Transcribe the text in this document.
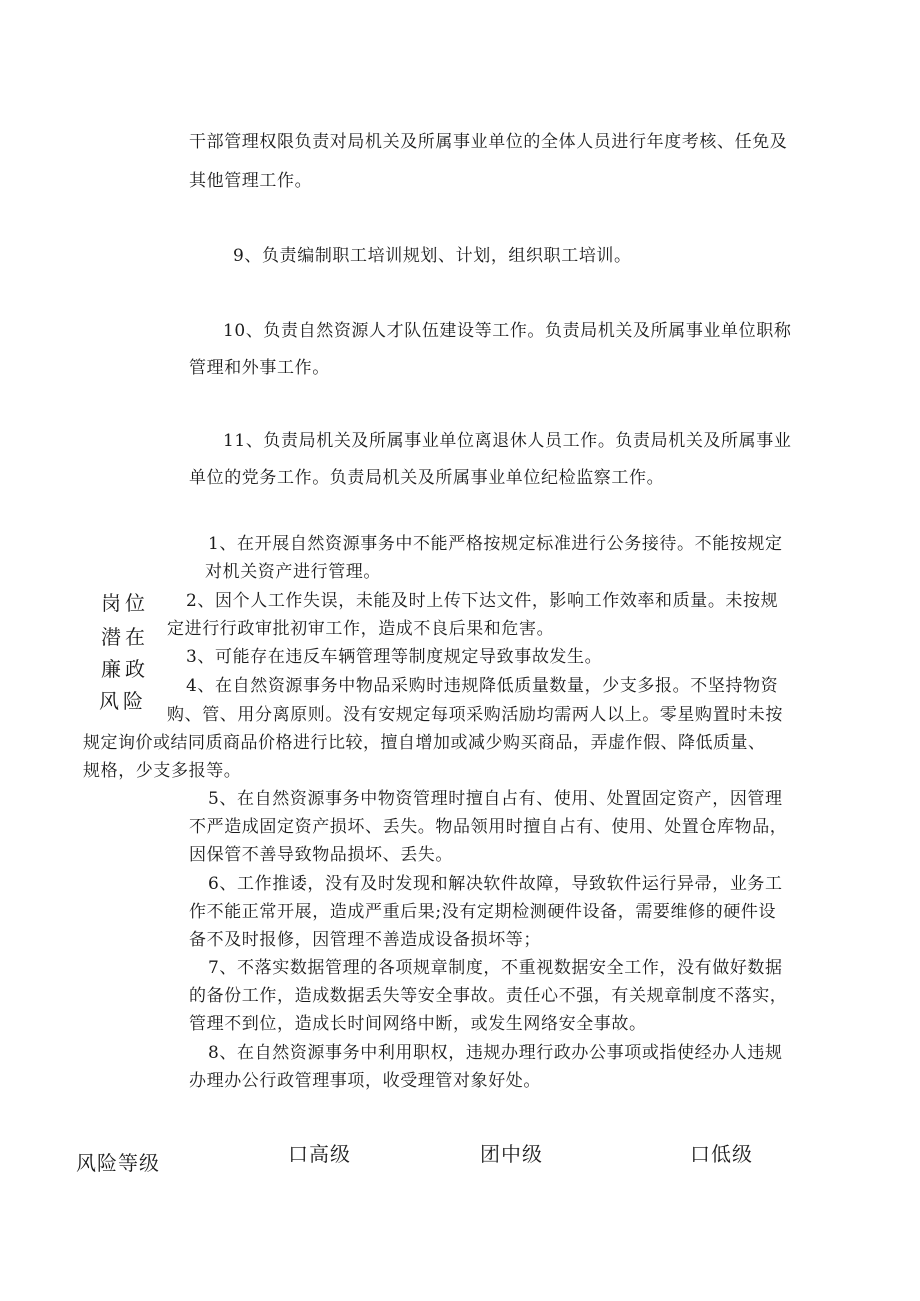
干部管理权限负责对局机关及所属事业单位的全体人员进行年度考核、任免及
其他管理工作。
9、负责编制职工培训规划、计划，组织职工培训。
10、负责自然资源人才队伍建设等工作。负责局机关及所属事业单位职称
管理和外事工作。
11、负责局机关及所属事业单位离退休人员工作。负责局机关及所属事业
单位的党务工作。负责局机关及所属事业单位纪检监察工作。
岗位
潜在
廉政
风险
1、在开展自然资源事务中不能严格按规定标准进行公务接待。不能按规定
对机关资产进行管理。
2、因个人工作失误，未能及时上传下达文件，影响工作效率和质量。未按规
定进行行政审批初审工作，造成不良后果和危害。
3、可能存在违反车辆管理等制度规定导致事故发生。
4、在自然资源事务中物品采购时违规降低质量数量，少支多报。不坚持物资
购、管、用分离原则。没有安规定每项采购活励均需两人以上。零星购置时未按
规定询价或结同质商品价格进行比较，擅自增加或减少购买商品，弄虚作假、降低质量、
规格，少支多报等。
5、在自然资源事务中物资管理时擅自占有、使用、处置固定资产，因管理
不严造成固定资产损坏、丢失。物品领用时擅自占有、使用、处置仓库物品，
因保管不善导致物品损坏、丢失。
6、工作推诿，没有及时发现和解决软件故障，导致软件运行异帚，业务工
作不能正常开展，造成严重后果;没有定期检测硬件设备，需要维修的硬件设
备不及时报修，因管理不善造成设备损坏等；
7、不落实数据管理的各项规章制度，不重视数据安全工作，没有做好数据
的备份工作，造成数据丢失等安全事故。责任心不强，有关规章制度不落实，
管理不到位，造成长时间网络中断，或发生网络安全事故。
8、在自然资源事务中利用职权，违规办理行政办公事项或指使经办人违规
办理办公行政管理事项，收受理管对象好处。
风险等级	口高级	团中级	口低级
